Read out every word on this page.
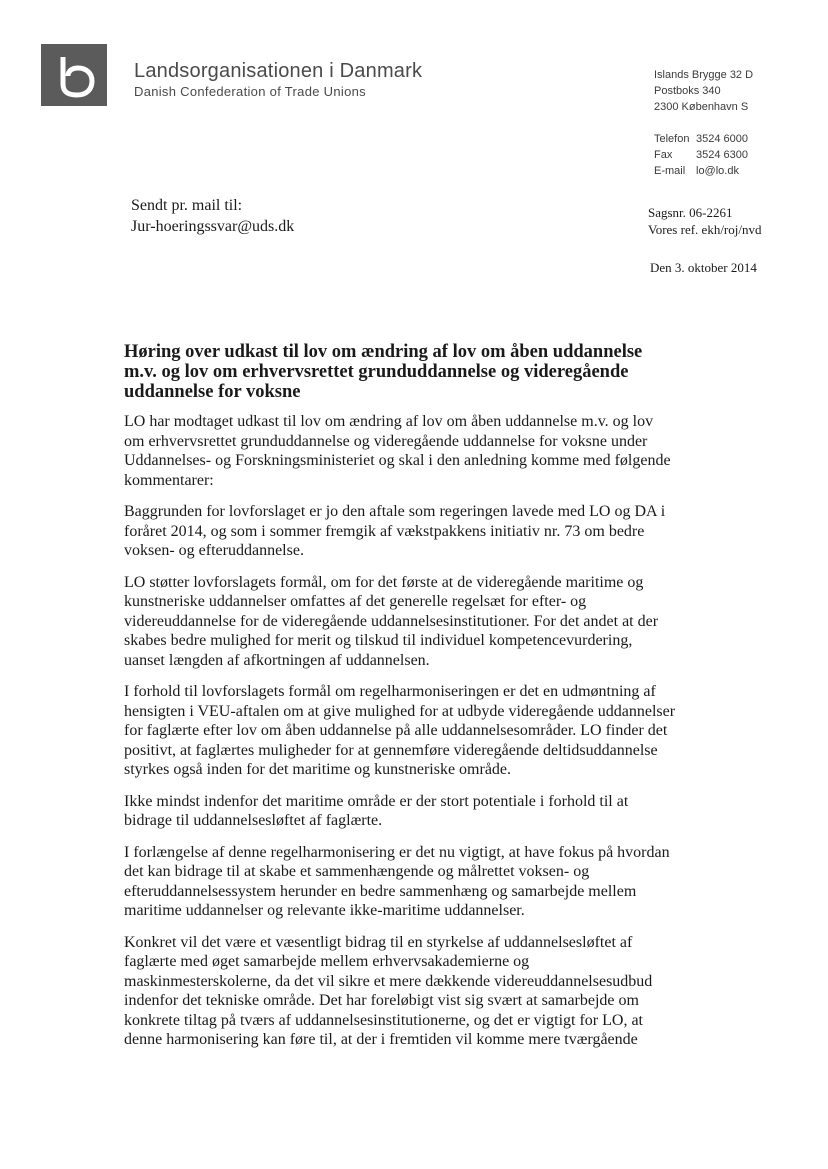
Landsorganisationen i Danmark
Danish Confederation of Trade Unions
Islands Brygge 32 D
Postboks 340
2300 København S
Telefon 3524 6000
Fax	3524 6300
E-mail lo@lo.dk
Sendt pr. mail til:
Jur-hoeringssvar@uds.dk
Sagsnr. 06-2261
Vores ref. ekh/roj/nvd
Den 3. oktober 2014
Høring over udkast til lov om ændring af lov om åben uddannelse
m.v. og lov om erhvervsrettet grunduddannelse og videregående
uddannelse for voksne

LO har modtaget udkast til lov om ændring af lov om åben uddannelse m.v. og lov
om erhvervsrettet grunduddannelse og videregående uddannelse for voksne under
Uddannelses- og Forskningsministeriet og skal i den anledning komme med følgende
kommentarer:

Baggrunden for lovforslaget er jo den aftale som regeringen lavede med LO og DA i
foråret 2014, og som i sommer fremgik af vækstpakkens initiativ nr. 73 om bedre
voksen- og efteruddannelse.

LO støtter lovforslagets formål, om for det første at de videregående maritime og
kunstneriske uddannelser omfattes af det generelle regelsæt for efter- og
videreuddannelse for de videregående uddannelsesinstitutioner. For det andet at der
skabes bedre mulighed for merit og tilskud til individuel kompetencevurdering,
uanset længden af afkortningen af uddannelsen.

I forhold til lovforslagets formål om regelharmoniseringen er det en udmøntning af
hensigten i VEU-aftalen om at give mulighed for at udbyde videregående uddannelser
for faglærte efter lov om åben uddannelse på alle uddannelsesområder. LO finder det
positivt, at faglærtes muligheder for at gennemføre videregående deltidsuddannelse
styrkes også inden for det maritime og kunstneriske område.

Ikke mindst indenfor det maritime område er der stort potentiale i forhold til at
bidrage til uddannelsesløftet af faglærte.

I forlængelse af denne regelharmonisering er det nu vigtigt, at have fokus på hvordan
det kan bidrage til at skabe et sammenhængende og målrettet voksen- og
efteruddannelsessystem herunder en bedre sammenhæng og samarbejde mellem
maritime uddannelser og relevante ikke-maritime uddannelser.

Konkret vil det være et væsentligt bidrag til en styrkelse af uddannelsesløftet af
faglærte med øget samarbejde mellem erhvervsakademierne og
maskinmesterskolerne, da det vil sikre et mere dækkende videreuddannelsesudbud
indenfor det tekniske område. Det har foreløbigt vist sig svært at samarbejde om
konkrete tiltag på tværs af uddannelsesinstitutionerne, og det er vigtigt for LO, at
denne harmonisering kan føre til, at der i fremtiden vil komme mere tværgående
